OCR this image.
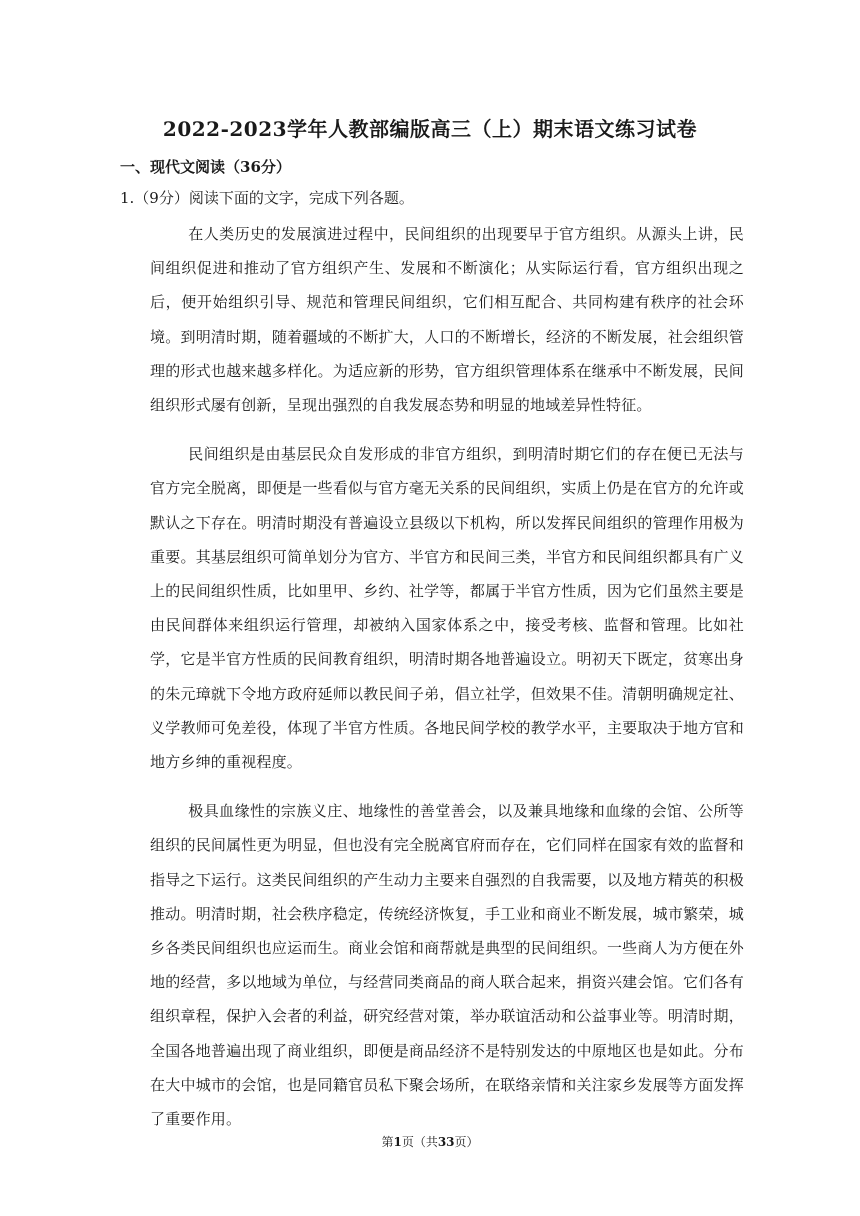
2022-2023学年人教部编版高三（上）期末语文练习试卷
一、现代文阅读（36分）
1.（9分）阅读下面的文字，完成下列各题。

在人类历史的发展演进过程中，民间组织的出现要早于官方组织。从源头上讲，民间组织促进和推动了官方组织产生、发展和不断演化；从实际运行看，官方组织出现之后，便开始组织引导、规范和管理民间组织，它们相互配合、共同构建有秩序的社会环境。到明清时期，随着疆域的不断扩大，人口的不断增长，经济的不断发展，社会组织管理的形式也越来越多样化。为适应新的形势，官方组织管理体系在继承中不断发展，民间组织形式屡有创新，呈现出强烈的自我发展态势和明显的地域差异性特征。

民间组织是由基层民众自发形成的非官方组织，到明清时期它们的存在便已无法与官方完全脱离，即便是一些看似与官方毫无关系的民间组织，实质上仍是在官方的允许或默认之下存在。明清时期没有普遍设立县级以下机构，所以发挥民间组织的管理作用极为重要。其基层组织可简单划分为官方、半官方和民间三类，半官方和民间组织都具有广义上的民间组织性质，比如里甲、乡约、社学等，都属于半官方性质，因为它们虽然主要是由民间群体来组织运行管理，却被纳入国家体系之中，接受考核、监督和管理。比如社学，它是半官方性质的民间教育组织，明清时期各地普遍设立。明初天下既定，贫寒出身的朱元璋就下令地方政府延师以教民间子弟，倡立社学，但效果不佳。清朝明确规定社、义学教师可免差役，体现了半官方性质。各地民间学校的教学水平，主要取决于地方官和地方乡绅的重视程度。

极具血缘性的宗族义庄、地缘性的善堂善会，以及兼具地缘和血缘的会馆、公所等组织的民间属性更为明显，但也没有完全脱离官府而存在，它们同样在国家有效的监督和指导之下运行。这类民间组织的产生动力主要来自强烈的自我需要，以及地方精英的积极推动。明清时期，社会秩序稳定，传统经济恢复，手工业和商业不断发展，城市繁荣，城乡各类民间组织也应运而生。商业会馆和商帮就是典型的民间组织。一些商人为方便在外地的经营，多以地域为单位，与经营同类商品的商人联合起来，捐资兴建会馆。它们各有组织章程，保护入会者的利益，研究经营对策，举办联谊活动和公益事业等。明清时期，全国各地普遍出现了商业组织，即便是商品经济不是特别发达的中原地区也是如此。分布在大中城市的会馆，也是同籍官员私下聚会场所，在联络亲情和关注家乡发展等方面发挥了重要作用。

第1页（共33页）
